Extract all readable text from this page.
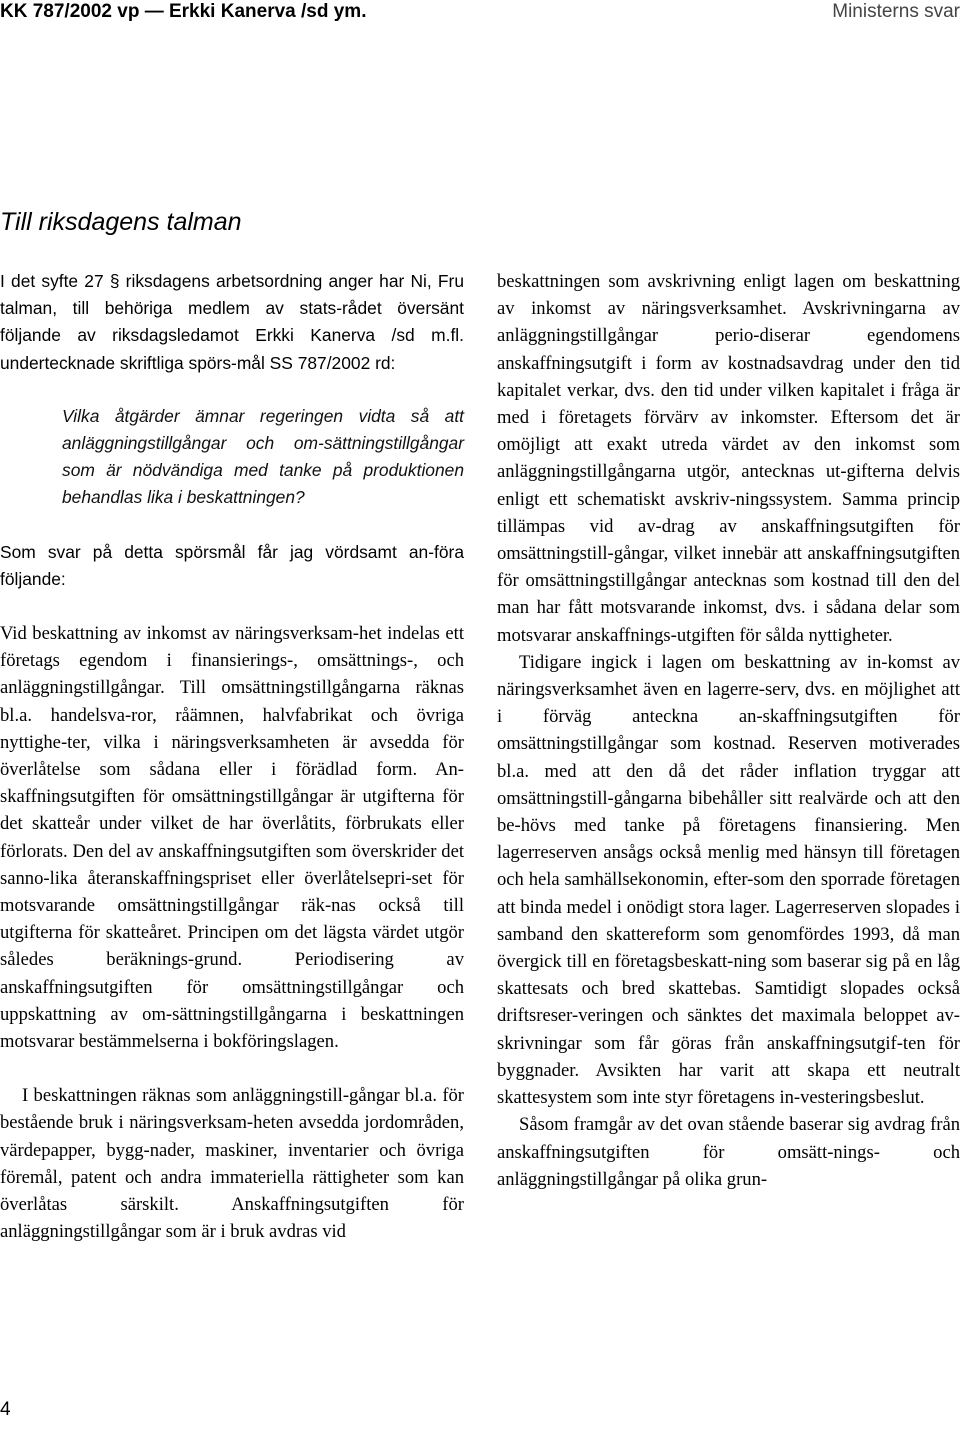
KK 787/2002 vp — Erkki Kanerva /sd ym.	Ministerns svar
Till riksdagens talman

I det syfte 27 § riksdagens arbetsordning anger har Ni, Fru talman, till behöriga medlem av stats-rådet översänt följande av riksdagsledamot Erkki Kanerva /sd m.fl. undertecknade skriftliga spörs-mål SS 787/2002 rd:

Vilka åtgärder ämnar regeringen vidta så att anläggningstillgångar och om-sättningstillgångar som är nödvändiga med tanke på produktionen behandlas lika i beskattningen?

Som svar på detta spörsmål får jag vördsamt an-föra följande:

Vid beskattning av inkomst av näringsverksam-het indelas ett företags egendom i finansierings-, omsättnings-, och anläggningstillgångar. Till omsättningstillgångarna räknas bl.a. handelsva-ror, råämnen, halvfabrikat och övriga nyttighe-ter, vilka i näringsverksamheten är avsedda för överlåtelse som sådana eller i förädlad form. An-skaffningsutgiften för omsättningstillgångar är utgifterna för det skatteår under vilket de har överlåtits, förbrukats eller förlorats. Den del av anskaffningsutgiften som överskrider det sanno-lika återanskaffningspriset eller överlåtelsepri-set för motsvarande omsättningstillgångar räk-nas också till utgifterna för skatteåret. Principen om det lägsta värdet utgör således beräknings-grund. Periodisering av anskaffningsutgiften för omsättningstillgångar och uppskattning av om-sättningstillgångarna i beskattningen motsvarar bestämmelserna i bokföringslagen.

I beskattningen räknas som anläggningstill-gångar bl.a. för bestående bruk i näringsverksam-heten avsedda jordområden, värdepapper, bygg-nader, maskiner, inventarier och övriga föremål, patent och andra immateriella rättigheter som kan överlåtas särskilt. Anskaffningsutgiften för anläggningstillgångar som är i bruk avdras vid

beskattningen som avskrivning enligt lagen om beskattning av inkomst av näringsverksamhet. Avskrivningarna av anläggningstillgångar perio-diserar egendomens anskaffningsutgift i form av kostnadsavdrag under den tid kapitalet verkar, dvs. den tid under vilken kapitalet i fråga är med i företagets förvärv av inkomster. Eftersom det är omöjligt att exakt utreda värdet av den inkomst som anläggningstillgångarna utgör, antecknas ut-gifterna delvis enligt ett schematiskt avskriv-ningssystem. Samma princip tillämpas vid av-drag av anskaffningsutgiften för omsättningstill-gångar, vilket innebär att anskaffningsutgiften för omsättningstillgångar antecknas som kostnad till den del man har fått motsvarande inkomst, dvs. i sådana delar som motsvarar anskaffnings-utgiften för sålda nyttigheter.

Tidigare ingick i lagen om beskattning av in-komst av näringsverksamhet även en lagerre-serv, dvs. en möjlighet att i förväg anteckna an-skaffningsutgiften för omsättningstillgångar som kostnad. Reserven motiverades bl.a. med att den då det råder inflation tryggar att omsättningstill-gångarna bibehåller sitt realvärde och att den be-hövs med tanke på företagens finansiering. Men lagerreserven ansågs också menlig med hänsyn till företagen och hela samhällsekonomin, efter-som den sporrade företagen att binda medel i onödigt stora lager. Lagerreserven slopades i samband den skattereform som genomfördes 1993, då man övergick till en företagsbeskatt-ning som baserar sig på en låg skattesats och bred skattebas. Samtidigt slopades också driftsreser-veringen och sänktes det maximala beloppet av-skrivningar som får göras från anskaffningsutgif-ten för byggnader. Avsikten har varit att skapa ett neutralt skattesystem som inte styr företagens in-vesteringsbeslut.

Såsom framgår av det ovan stående baserar sig avdrag från anskaffningsutgiften för omsätt-nings- och anläggningstillgångar på olika grun-

4
